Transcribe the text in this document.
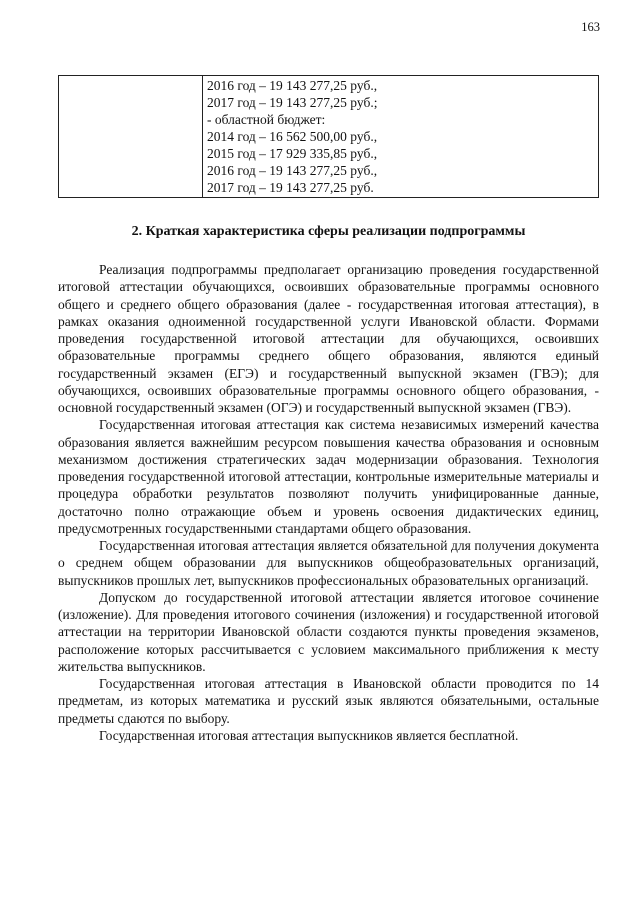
163

2016 год – 19 143 277,25 руб.,
2017 год – 19 143 277,25 руб.;
- областной бюджет:
2014 год – 16 562 500,00 руб.,
2015 год – 17 929 335,85 руб.,
2016 год – 19 143 277,25 руб.,
2017 год – 19 143 277,25 руб.
2. Краткая характеристика сферы реализации подпрограммы

Реализация подпрограммы предполагает организацию проведения государственной итоговой аттестации обучающихся, освоивших образовательные программы основного общего и среднего общего образования (далее - государственная итоговая аттестация), в рамках оказания одноименной государственной услуги Ивановской области. Формами проведения государственной итоговой аттестации для обучающихся, освоивших образовательные программы среднего общего образования, являются единый государственный экзамен (ЕГЭ) и государственный выпускной экзамен (ГВЭ); для обучающихся, освоивших образовательные программы основного общего образования, - основной государственный экзамен (ОГЭ) и государственный выпускной экзамен (ГВЭ).

Государственная итоговая аттестация как система независимых измерений качества образования является важнейшим ресурсом повышения качества образования и основным механизмом достижения стратегических задач модернизации образования. Технология проведения государственной итоговой аттестации, контрольные измерительные материалы и процедура обработки результатов позволяют получить унифицированные данные, достаточно полно отражающие объем и уровень освоения дидактических единиц, предусмотренных государственными стандартами общего образования.

Государственная итоговая аттестация является обязательной для получения документа о среднем общем образовании для выпускников общеобразовательных организаций, выпускников прошлых лет, выпускников профессиональных образовательных организаций.

Допуском до государственной итоговой аттестации является итоговое сочинение (изложение). Для проведения итогового сочинения (изложения) и государственной итоговой аттестации на территории Ивановской области создаются пункты проведения экзаменов, расположение которых рассчитывается с условием максимального приближения к месту жительства выпускников.

Государственная итоговая аттестация в Ивановской области проводится по 14 предметам, из которых математика и русский язык являются обязательными, остальные предметы сдаются по выбору.

Государственная итоговая аттестация выпускников является бесплатной.
